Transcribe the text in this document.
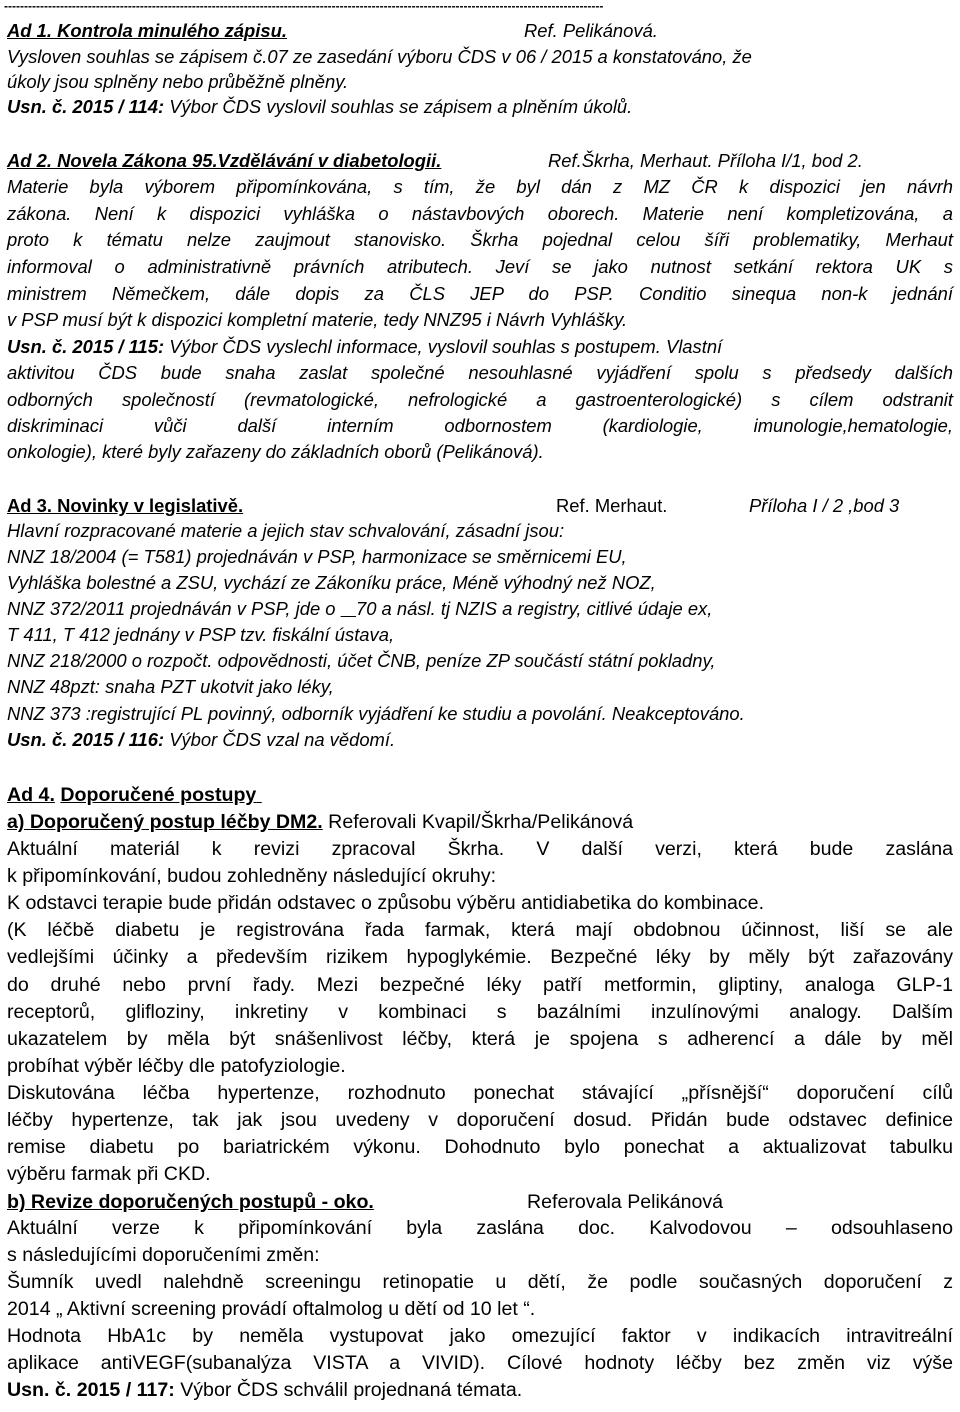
------------------------------------------------------------------------------------------------------------------------------------------------------
Ad 1. Kontrola minulého zápisu.	Ref. Pelikánová.
Vysloven souhlas se zápisem č.07 ze zasedání výboru ČDS v 06 / 2015 a konstatováno, že
úkoly jsou splněny nebo průběžně plněny.
Usn. č. 2015 / 114: Výbor ČDS vyslovil souhlas se zápisem a plněním úkolů.
Ad 2. Novela Zákona 95.Vzdělávání v diabetologii.	Ref.Škrha, Merhaut. Příloha I/1, bod 2.
Materie byla výborem připomínkována, s tím, že byl dán z MZ ČR k dispozici jen návrh
zákona. Není k dispozici vyhláška o nástavbových oborech. Materie není kompletizována, a
proto k tématu nelze zaujmout stanovisko. Škrha pojednal celou šíři problematiky, Merhaut
informoval o administrativně právních atributech. Jeví se jako nutnost setkání rektora UK s
ministrem Němečkem, dále dopis za ČLS JEP do PSP. Conditio sinequa non-k jednání
v PSP musí být k dispozici kompletní materie, tedy NNZ95 i Návrh Vyhlášky.
Usn. č. 2015 / 115: Výbor ČDS vyslechl informace, vyslovil souhlas s postupem. Vlastní
aktivitou ČDS bude snaha zaslat společné nesouhlasné vyjádření spolu s předsedy dalších
odborných společností (revmatologické, nefrologické a gastroenterologické) s cílem odstranit
diskriminaci vůči další interním odbornostem (kardiologie, imunologie,hematologie,
onkologie), které byly zařazeny do základních oborů (Pelikánová).
Ad 3. Novinky v legislativě.	Ref. Merhaut.	Příloha I / 2 ,bod 3
Hlavní rozpracované materie a jejich stav schvalování, zásadní jsou:
NNZ 18/2004 (= T581) projednáván v PSP, harmonizace se směrnicemi EU,
Vyhláška bolestné a ZSU, vychází ze Zákoníku práce, Méně výhodný než NOZ,
NNZ 372/2011 projednáván v PSP, jde o    70 a násl. tj NZIS a registry, citlivé údaje ex,
T 411, T 412 jednány v PSP tzv. fiskální ústava,
NNZ 218/2000 o rozpočt. odpovědnosti, účet ČNB, peníze ZP součástí státní pokladny,
NNZ 48pzt: snaha PZT ukotvit jako léky,
NNZ 373 :registrující PL povinný, odborník vyjádření ke studiu a povolání. Neakceptováno.
Usn. č. 2015 / 116: Výbor ČDS vzal na vědomí.
Ad 4. Doporučené postupy
a) Doporučený postup léčby DM2. Referovali Kvapil/Škrha/Pelikánová
Aktuální materiál k revizi zpracoval Škrha. V další verzi, která bude zaslána
k připomínkování, budou zohledněny následující okruhy:
K odstavci terapie bude přidán odstavec o způsobu výběru antidiabetika do kombinace.
(K léčbě diabetu je registrována řada farmak, která mají obdobnou účinnost, liší se ale
vedlejšími účinky a především rizikem hypoglykémie. Bezpečné léky by měly být zařazovány
do druhé nebo první řady. Mezi bezpečné léky patří metformin, gliptiny, analoga GLP-1
receptorů, glifloziny, inkretiny v kombinaci s bazálními inzulínovými analogy. Dalším
ukazatelem by měla být snášenlivost léčby, která je spojena s adherencí a dále by měl
probíhat výběr léčby dle patofyziologie.
Diskutována léčba hypertenze, rozhodnuto ponechat stávající „přísnější“ doporučení cílů
léčby hypertenze, tak jak jsou uvedeny v doporučení dosud. Přidán bude odstavec definice
remise diabetu po bariatrickém výkonu. Dohodnuto bylo ponechat a aktualizovat tabulku
výběru farmak při CKD.
b) Revize doporučených postupů - oko.	Referovala Pelikánová
Aktuální verze k připomínkování byla zaslána doc. Kalvodovou – odsouhlaseno
s následujícími doporučeními změn:
Šumník uvedl nalehdně screeningu retinopatie u dětí, že podle současných doporučení z
2014 „ Aktivní screening provádí oftalmolog u dětí od 10 let “.
Hodnota HbA1c by neměla vystupovat jako omezující faktor v indikacích intravitreální
aplikace antiVEGF(subanalýza VISTA a VIVID). Cílové hodnoty léčby bez změn viz výše
Usn. č. 2015 / 117: Výbor ČDS schválil projednaná témata.
